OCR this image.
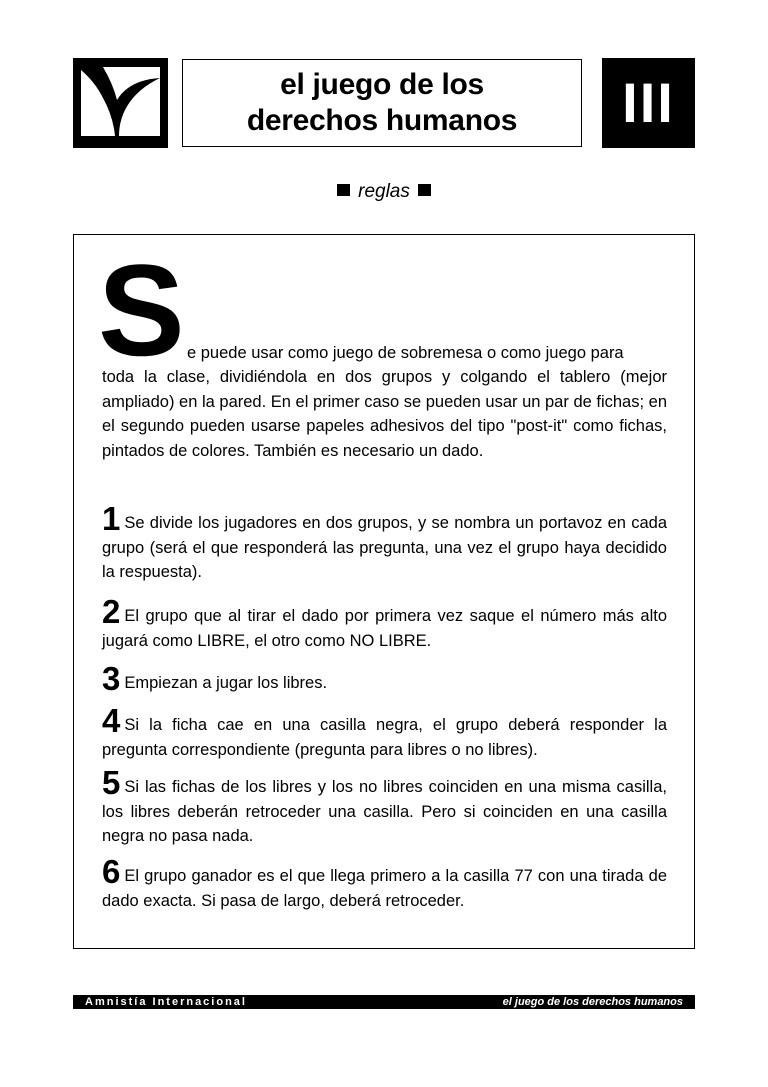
el juego de los
derechos humanos III
reglas
S e puede usar como juego de sobremesa o como juego para
toda la clase, dividiéndola en dos grupos y colgando el tablero (mejor ampliado) en la pared. En el primer caso se pueden usar un par de fichas; en el segundo pueden usarse papeles adhesivos del tipo "post-it" como fichas, pintados de colores. También es necesario un dado.
1 Se divide los jugadores en dos grupos, y se nombra un portavoz en cada grupo (será el que responderá las pregunta, una vez el grupo haya decidido la respuesta).
2 El grupo que al tirar el dado por primera vez saque el número más alto jugará como LIBRE, el otro como NO LIBRE.
3 Empiezan a jugar los libres.
4 Si la ficha cae en una casilla negra, el grupo deberá responder la pregunta correspondiente (pregunta para libres o no libres).
5 Si las fichas de los libres y los no libres coinciden en una misma casilla, los libres deberán retroceder una casilla. Pero si coinciden en una casilla negra no pasa nada.
6 El grupo ganador es el que llega primero a la casilla 77 con una tirada de dado exacta. Si pasa de largo, deberá retroceder.
Amnistía Internacional	el juego de los derechos humanos
